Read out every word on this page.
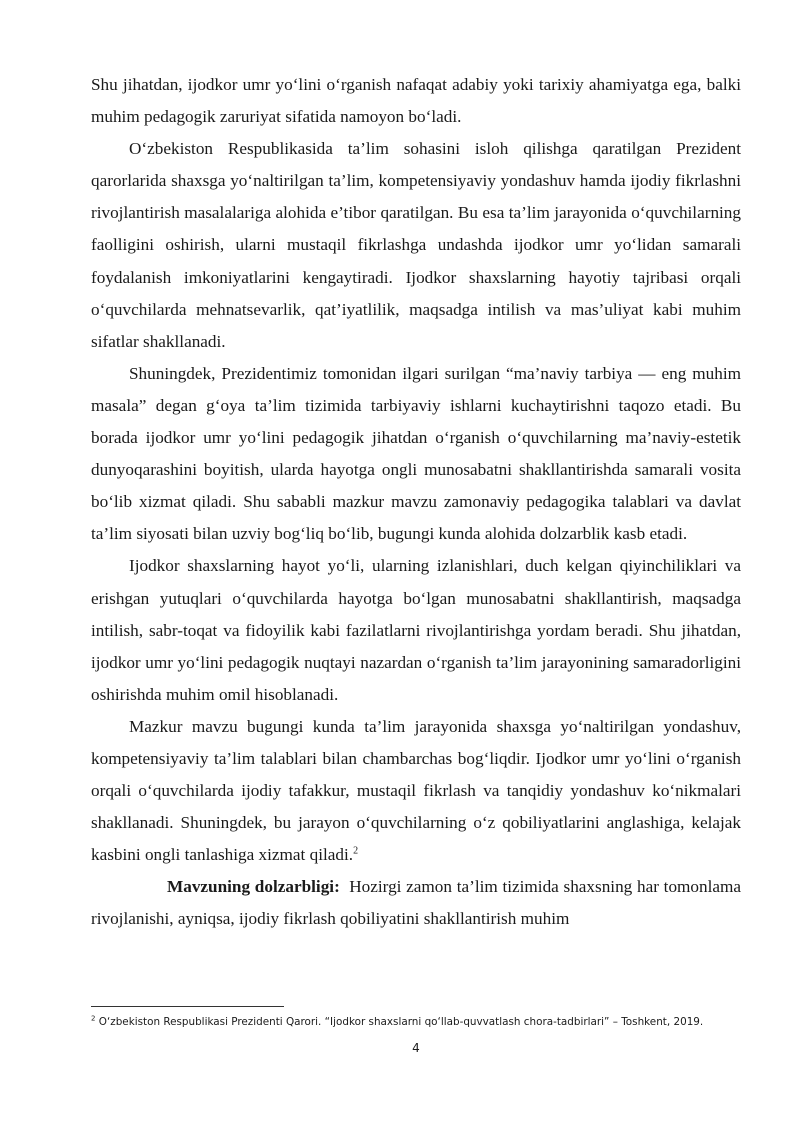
Shu jihatdan, ijodkor umr yo‘lini o‘rganish nafaqat adabiy yoki tarixiy ahamiyatga ega, balki muhim pedagogik zaruriyat sifatida namoyon bo‘ladi.

O‘zbekiston Respublikasida ta’lim sohasini isloh qilishga qaratilgan Prezident qarorlarida shaxsga yo‘naltirilgan ta’lim, kompetensiyaviy yondashuv hamda ijodiy fikrlashni rivojlantirish masalalariga alohida e’tibor qaratilgan. Bu esa ta’lim jarayonida o‘quvchilarning faolligini oshirish, ularni mustaqil fikrlashga undashda ijodkor umr yo‘lidan samarali foydalanish imkoniyatlarini kengaytiradi. Ijodkor shaxslarning hayotiy tajribasi orqali o‘quvchilarda mehnatsevarlik, qat’iyatlilik, maqsadga intilish va mas’uliyat kabi muhim sifatlar shakllanadi.

Shuningdek, Prezidentimiz tomonidan ilgari surilgan “ma’naviy tarbiya — eng muhim masala” degan g‘oya ta’lim tizimida tarbiyaviy ishlarni kuchaytirishni taqozo etadi. Bu borada ijodkor umr yo‘lini pedagogik jihatdan o‘rganish o‘quvchilarning ma’naviy-estetik dunyoqarashini boyitish, ularda hayotga ongli munosabatni shakllantirishda samarali vosita bo‘lib xizmat qiladi. Shu sababli mazkur mavzu zamonaviy pedagogika talablari va davlat ta’lim siyosati bilan uzviy bog‘liq bo‘lib, bugungi kunda alohida dolzarblik kasb etadi.

Ijodkor shaxslarning hayot yo‘li, ularning izlanishlari, duch kelgan qiyinchiliklari va erishgan yutuqlari o‘quvchilarda hayotga bo‘lgan munosabatni shakllantirish, maqsadga intilish, sabr-toqat va fidoyilik kabi fazilatlarni rivojlantirishga yordam beradi. Shu jihatdan, ijodkor umr yo‘lini pedagogik nuqtayi nazardan o‘rganish ta’lim jarayonining samaradorligini oshirishda muhim omil hisoblanadi.

Mazkur mavzu bugungi kunda ta’lim jarayonida shaxsga yo‘naltirilgan yondashuv, kompetensiyaviy ta’lim talablari bilan chambarchas bog‘liqdir. Ijodkor umr yo‘lini o‘rganish orqali o‘quvchilarda ijodiy tafakkur, mustaqil fikrlash va tanqidiy yondashuv ko‘nikmalari shakllanadi. Shuningdek, bu jarayon o‘quvchilarning o‘z qobiliyatlarini anglashiga, kelajak kasbini ongli tanlashiga xizmat qiladi.$^2$

Mavzuning dolzarbligi: Hozirgi zamon ta’lim tizimida shaxsning har tomonlama rivojlanishi, ayniqsa, ijodiy fikrlash qobiliyatini shakllantirish muhim

$^2$ O‘zbekiston Respublikasi Prezidenti Qarori. “Ijodkor shaxslarni qo‘llab-quvvatlash chora-tadbirlari” – Toshkent, 2019.
4
